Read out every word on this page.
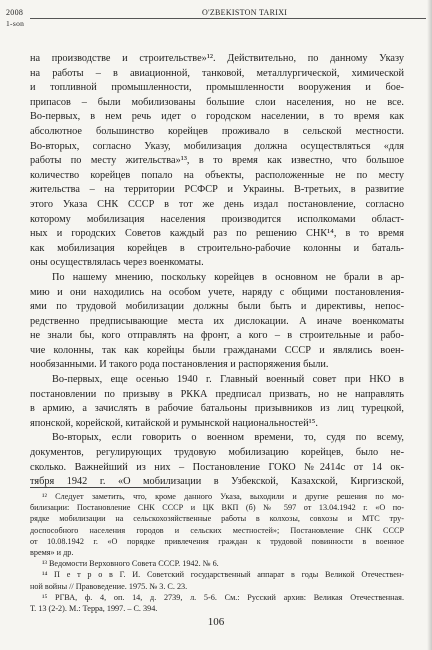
2008	O'ZBEKISTON TARIXI
1-son
на производстве и строительстве»¹². Действительно, по данному Указу
на работы – в авиационной, танковой, металлургической, химической
и топливной промышленности, промышленности вооружения и бое-
припасов – были мобилизованы большие слои населения, но не все.
Во-первых, в нем речь идет о городском населении, в то время как
абсолютное большинство корейцев проживало в сельской местности.
Во-вторых, согласно Указу, мобилизация должна осуществляться «для
работы по месту жительства»¹³, в то время как известно, что большое
количество корейцев попало на объекты, расположенные не по месту
жительства – на территории РСФСР и Украины. В-третьих, в развитие
этого Указа СНК СССР в тот же день издал постановление, согласно
которому мобилизация населения производится исполкомами област-
ных и городских Советов каждый раз по решению СНК¹⁴, в то время
как мобилизация корейцев в строительно-рабочие колонны и баталь-
оны осуществлялась через военкоматы.
По нашему мнению, поскольку корейцев в основном не брали в ар-
мию и они находились на особом учете, наряду с общими постановления-
ями по трудовой мобилизации должны были быть и директивы, непос-
редственно предписывающие места их дислокации. А иначе военкоматы
не знали бы, кого отправлять на фронт, а кого – в строительные и рабо-
чие колонны, так как корейцы были гражданами СССР и являлись воен-
нообязанными. И такого рода постановления и распоряжения были.
Во-первых, еще осенью 1940 г. Главный военный совет при НКО в
постановлении по призыву в РККА предписал призвать, но не направлять
в армию, а зачислять в рабочие батальоны призывников из лиц турецкой,
японской, корейской, китайской и румынской национальностей¹⁵.
Во-вторых, если говорить о военном времени, то, судя по всему,
документов, регулирующих трудовую мобилизацию корейцев, было не-
сколько. Важнейший из них – Постановление ГОКО №2414с от 14 ок-
тября 1942 г. «О мобилизации в Узбекской, Казахской, Киргизской,
¹² Следует заметить, что, кроме данного Указа, выходили и другие решения по мо-
билизации: Постановление СНК СССР и ЦК ВКП (б) № 597 от 13.04.1942 г. «О по-
рядке мобилизации на сельскохозяйственные работы в колхозы, совхозы и МТС тру-
доспособного населения городов и сельских местностей»; Постановление СНК СССР
от 10.08.1942 г. «О порядке привлечения граждан к трудовой повинности в военное
время» и др.
¹³ Ведомости Верховного Совета СССР. 1942. № 6.
¹⁴ П е т р о в Г. И. Советский государственный аппарат в годы Великой Отечествен-
ной войны // Правоведение. 1975. № 3. С. 23.
¹⁵ РГВА, ф. 4, оп. 14, д. 2739, л. 5-6. См.: Русский архив: Великая Отечественная.
Т. 13 (2-2). М.: Терра, 1997. – С. 394.
106
